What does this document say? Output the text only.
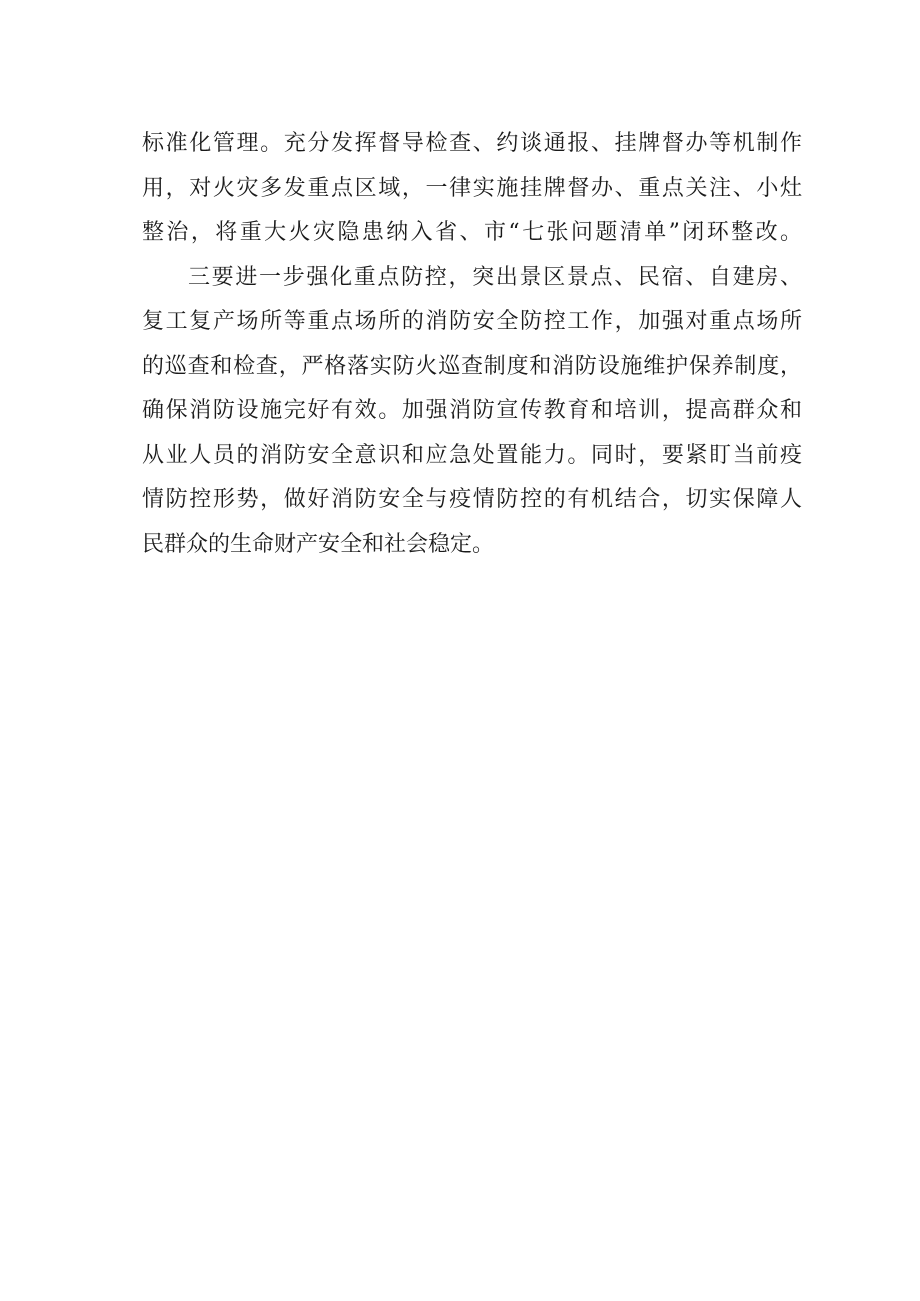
标准化管理。充分发挥督导检查、约谈通报、挂牌督办等机制作
用，对火灾多发重点区域，一律实施挂牌督办、重点关注、小灶
整治，将重大火灾隐患纳入省、市“七张问题清单”闭环整改。
三要进一步强化重点防控，突出景区景点、民宿、自建房、
复工复产场所等重点场所的消防安全防控工作，加强对重点场所
的巡查和检查，严格落实防火巡查制度和消防设施维护保养制度，
确保消防设施完好有效。加强消防宣传教育和培训，提高群众和
从业人员的消防安全意识和应急处置能力。同时，要紧盯当前疫
情防控形势，做好消防安全与疫情防控的有机结合，切实保障人
民群众的生命财产安全和社会稳定。
